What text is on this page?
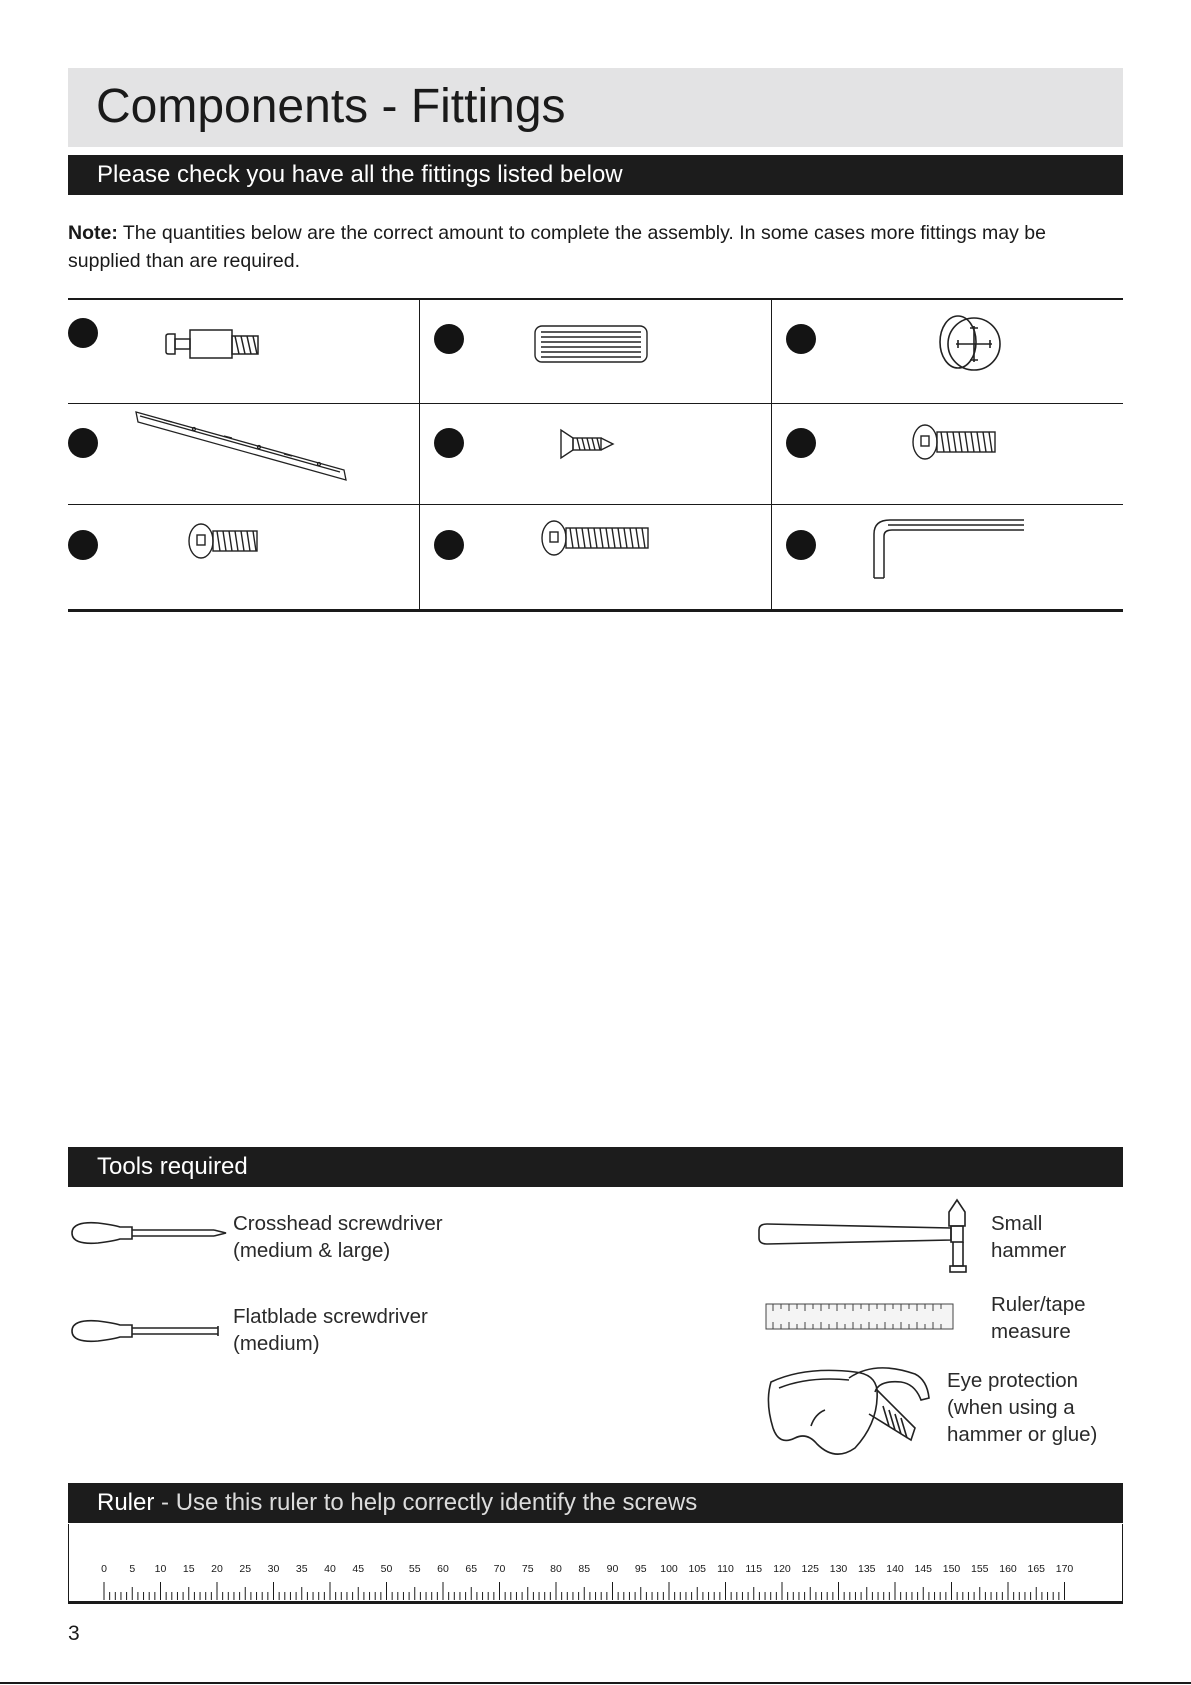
Components - Fittings
Please check you have all the fittings listed below
Note: The quantities below are the correct amount to complete the assembly. In some cases more fittings may be supplied than are required.
Tools required
Crosshead screwdriver
(medium & large)
Flatblade screwdriver
(medium)
Small
hammer
Ruler/tape
measure
Eye protection
(when using a
hammer or glue)
Ruler - Use this ruler to help correctly identify the screws
0 5 10 15 20 25 30 35 40 45 50 55 60 65 70 75 80 85 90 95 100 105 110 115 120 125 130 135 140 145 150 155 160 165 170
3
